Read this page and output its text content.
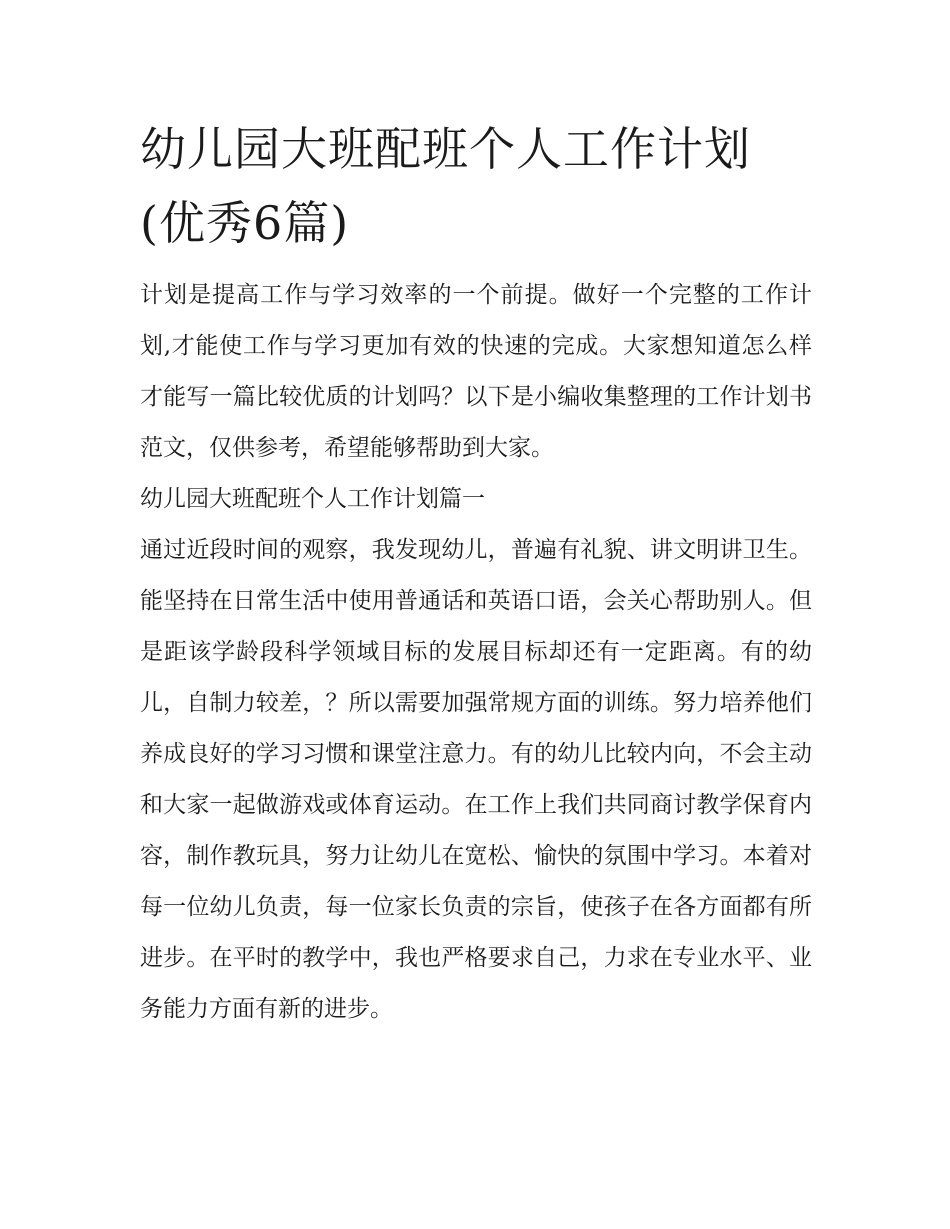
幼儿园大班配班个人工作计划(优秀6篇)

计划是提高工作与学习效率的一个前提。做好一个完整的工作计划,才能使工作与学习更加有效的快速的完成。大家想知道怎么样才能写一篇比较优质的计划吗？以下是小编收集整理的工作计划书范文，仅供参考，希望能够帮助到大家。

幼儿园大班配班个人工作计划篇一

通过近段时间的观察，我发现幼儿，普遍有礼貌、讲文明讲卫生。能坚持在日常生活中使用普通话和英语口语，会关心帮助别人。但是距该学龄段科学领域目标的发展目标却还有一定距离。有的幼儿，自制力较差，？所以需要加强常规方面的训练。努力培养他们养成良好的学习习惯和课堂注意力。有的幼儿比较内向，不会主动和大家一起做游戏或体育运动。在工作上我们共同商讨教学保育内容，制作教玩具，努力让幼儿在宽松、愉快的氛围中学习。本着对每一位幼儿负责，每一位家长负责的宗旨，使孩子在各方面都有所进步。在平时的教学中，我也严格要求自己，力求在专业水平、业务能力方面有新的进步。
